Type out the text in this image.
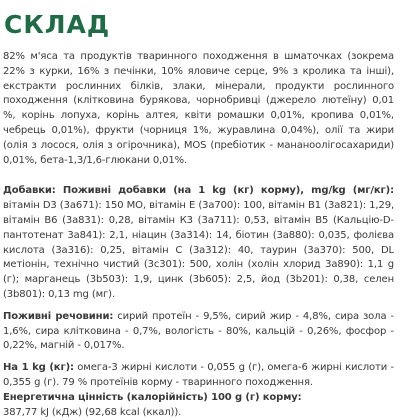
СКЛАД

82% м'яса та продуктів тваринного походження в шматочках (зокрема 22% з курки, 16% з печінки, 10% яловиче серце, 9% з кролика та інші), екстракти рослинних білків, злаки, мінерали, продукти рослинного походження (клітковина бурякова, чорнобривці (джерело лютеїну) 0,01 %, корінь лопуха, корінь алтея, квіти ромашки 0,01%, кропива 0,01%, чебрець 0,01%), фрукти (чорниця 1%, журавлина 0,04%), олії та жири (олія з лосося, олія з огірочника), MOS (пребіотик - мананоолігосахариди) 0,01%, бета-1,3/1,6-глюкани 0,01%.

Добавки: Поживні добавки (на 1 kg (кг) корму), mg/kg (мг/кг): вітамін D3 (3a671): 150 МО, вітамін Е (3a700): 100, вітамін В1 (3a821): 1,29, вітамін В6 (3a831): 0,28, вітамін К3 (3a711): 0,53, вітамін В5 (Кальцію-D-пантотенат 3a841): 2,1, ніацин (3a314): 14, біотин (3a880): 0,035, фолієва кислота (3a316): 0,25, вітамін С (3a312): 40, таурин (3a370): 500, DL метіонін, технічно чистий (3c301): 500, холін (холін хлорид 3a890): 1,1 g (г); марганець (3b503): 1,9, цинк (3b605): 2,5, йод (3b201): 0,38, селен (3b801): 0,13 mg (мг).

Поживні речовини: сирий протеїн - 9,5%, сирий жир - 4,8%, сира зола - 1,6%, сира клітковина - 0,7%, вологість - 80%, кальцій - 0,26%, фосфор - 0,22%, магній - 0,017%.

На 1 kg (кг): омега-3 жирні кислоти - 0,055 g (г), омега-6 жирні кислоти - 0,355 g (г). 79 % протеїнів корму - тваринного походження.

Енергетична цінність (калорійність) 100 g (г) корму:
387,77 kJ (кДж) (92,68 kcal (ккал)).
